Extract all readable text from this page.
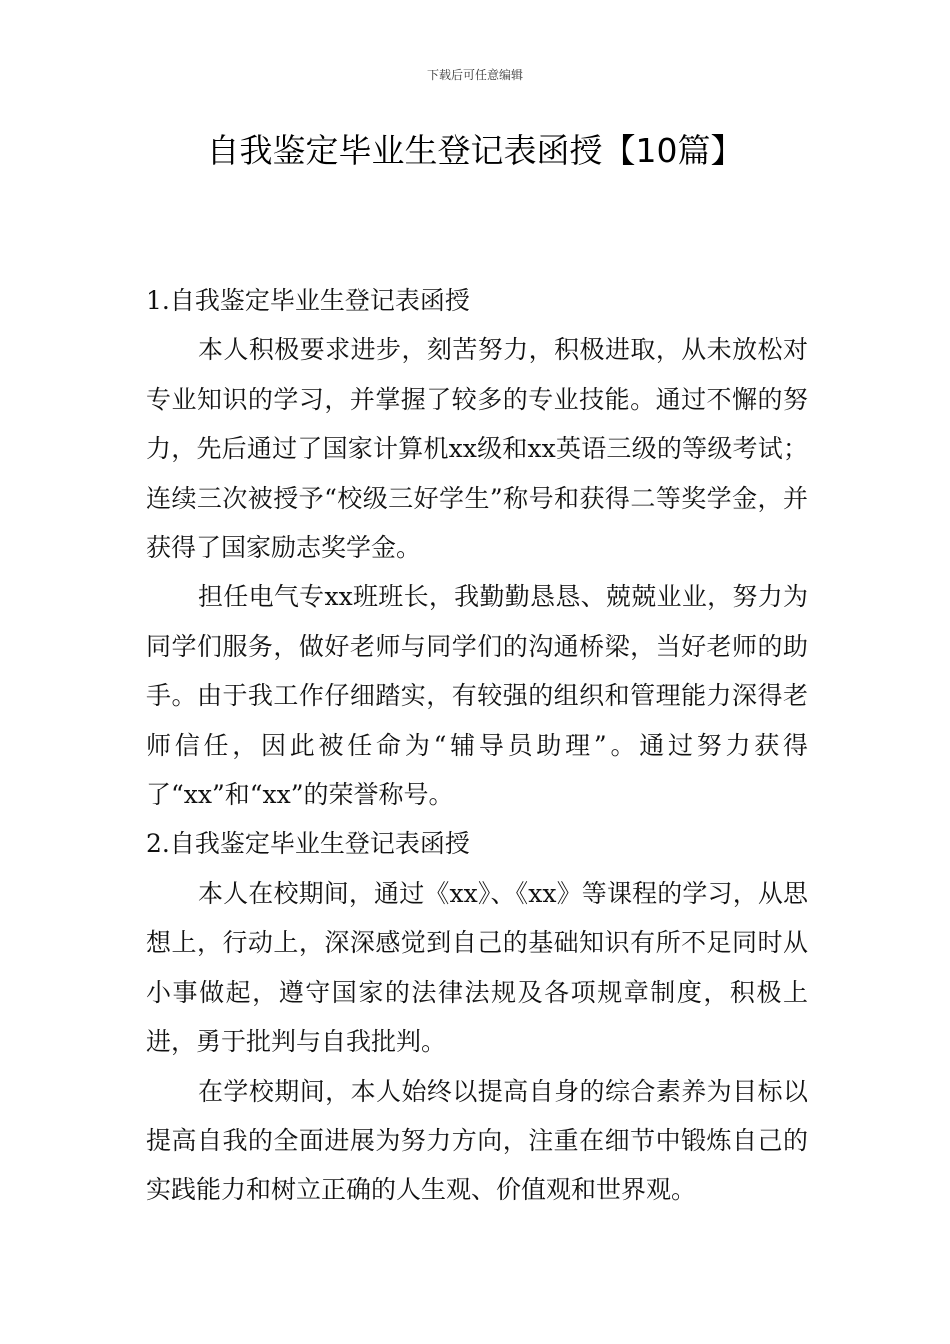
下载后可任意编辑
自我鉴定毕业生登记表函授【10篇】

1.自我鉴定毕业生登记表函授

本人积极要求进步，刻苦努力，积极进取，从未放松对专业知识的学习，并掌握了较多的专业技能。通过不懈的努力，先后通过了国家计算机xx级和xx英语三级的等级考试；连续三次被授予“校级三好学生”称号和获得二等奖学金，并获得了国家励志奖学金。

担任电气专xx班班长，我勤勤恳恳、兢兢业业，努力为同学们服务，做好老师与同学们的沟通桥梁，当好老师的助手。由于我工作仔细踏实，有较强的组织和管理能力深得老师信任，因此被任命为“辅导员助理”。通过努力获得了“xx”和“xx”的荣誉称号。

2.自我鉴定毕业生登记表函授

本人在校期间，通过《xx》、《xx》等课程的学习，从思想上，行动上，深深感觉到自己的基础知识有所不足同时从小事做起，遵守国家的法律法规及各项规章制度，积极上进，勇于批判与自我批判。

在学校期间，本人始终以提高自身的综合素养为目标以提高自我的全面进展为努力方向，注重在细节中锻炼自己的实践能力和树立正确的人生观、价值观和世界观。
